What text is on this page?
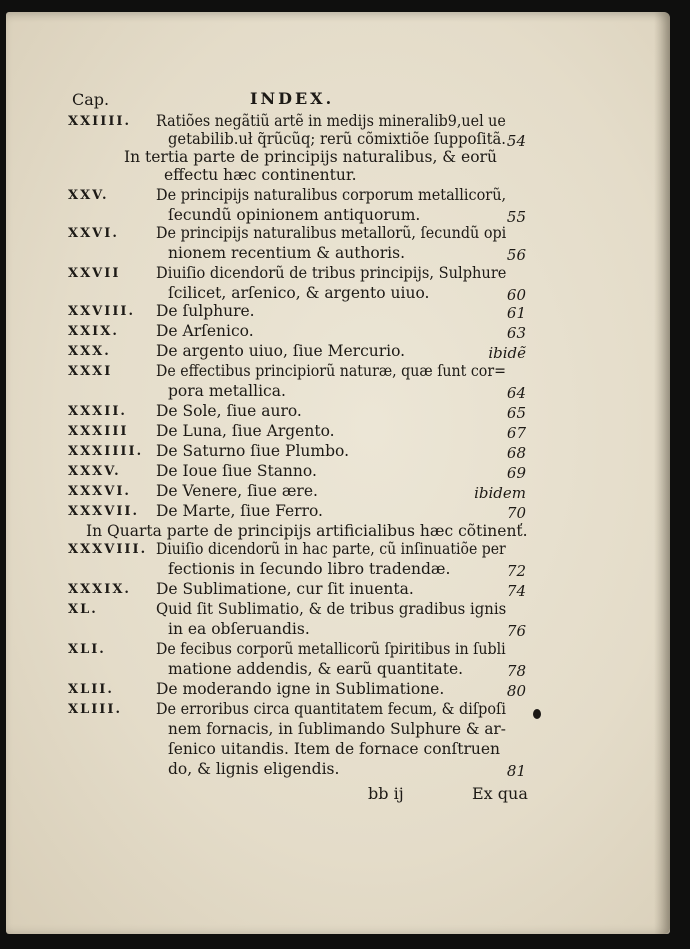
Cap.	INDEX.
XXIIII. Ratiões negãtiũ artẽ in medijs mineralib9,uel ue
getabilib.uł q̃rũcũq; rerũ cõmixtiõe ſuppoſitã. 54
In tertia parte de principijs naturalibus, & eorũ
effectu hæc continentur.
XXV.	De principijs naturalibus corporum metallicorũ,
ſecundũ opinionem antiquorum.	55
XXVI. De principijs naturalibus metallorũ, ſecundũ opi
nionem recentium & authoris.	56
XXVII Diuiſio dicendorũ de tribus principijs, Sulphure
ſcilicet, arſenico, & argento uiuo.	60
XXVIII. De ſulphure.	61
XXIX. De Arſenico.	63
XXX.	De argento uiuo, ſiue Mercurio.	ibidẽ
XXXI	De effectibus principiorũ naturæ, quæ ſunt cor=
pora metallica.	64
XXXII. De Sole, ſiue auro.	65
XXXIII De Luna, ſiue Argento.	67
XXXIIII. De Saturno ſiue Plumbo.	68
XXXV. De Ioue ſiue Stanno.	69
XXXVI. De Venere, ſiue ære.	ibidem
XXXVII. De Marte, ſiue Ferro.	70
In Quarta parte de principijs artificialibus hæc cõtinenť.
XXXVIII. Diuiſio dicendorũ in hac parte, cũ inſinuatiõe per
fectionis in ſecundo libro tradendæ.	72
XXXIX. De Sublimatione, cur ſit inuenta.	74
XL.	Quid ſit Sublimatio, & de tribus gradibus ignis
in ea obſeruandis.	76
XLI.	De fecibus corporũ metallicorũ ſpiritibus in ſubli
matione addendis, & earũ quantitate.	78
XLII.	De moderando igne in Sublimatione.	80
XLIII. De erroribus circa quantitatem fecum, & diſpoſi
nem fornacis, in ſublimando Sulphure & ar-
ſenico uitandis. Item de fornace conſtruen
do, & lignis eligendis.	81
bb ij	Ex qua
